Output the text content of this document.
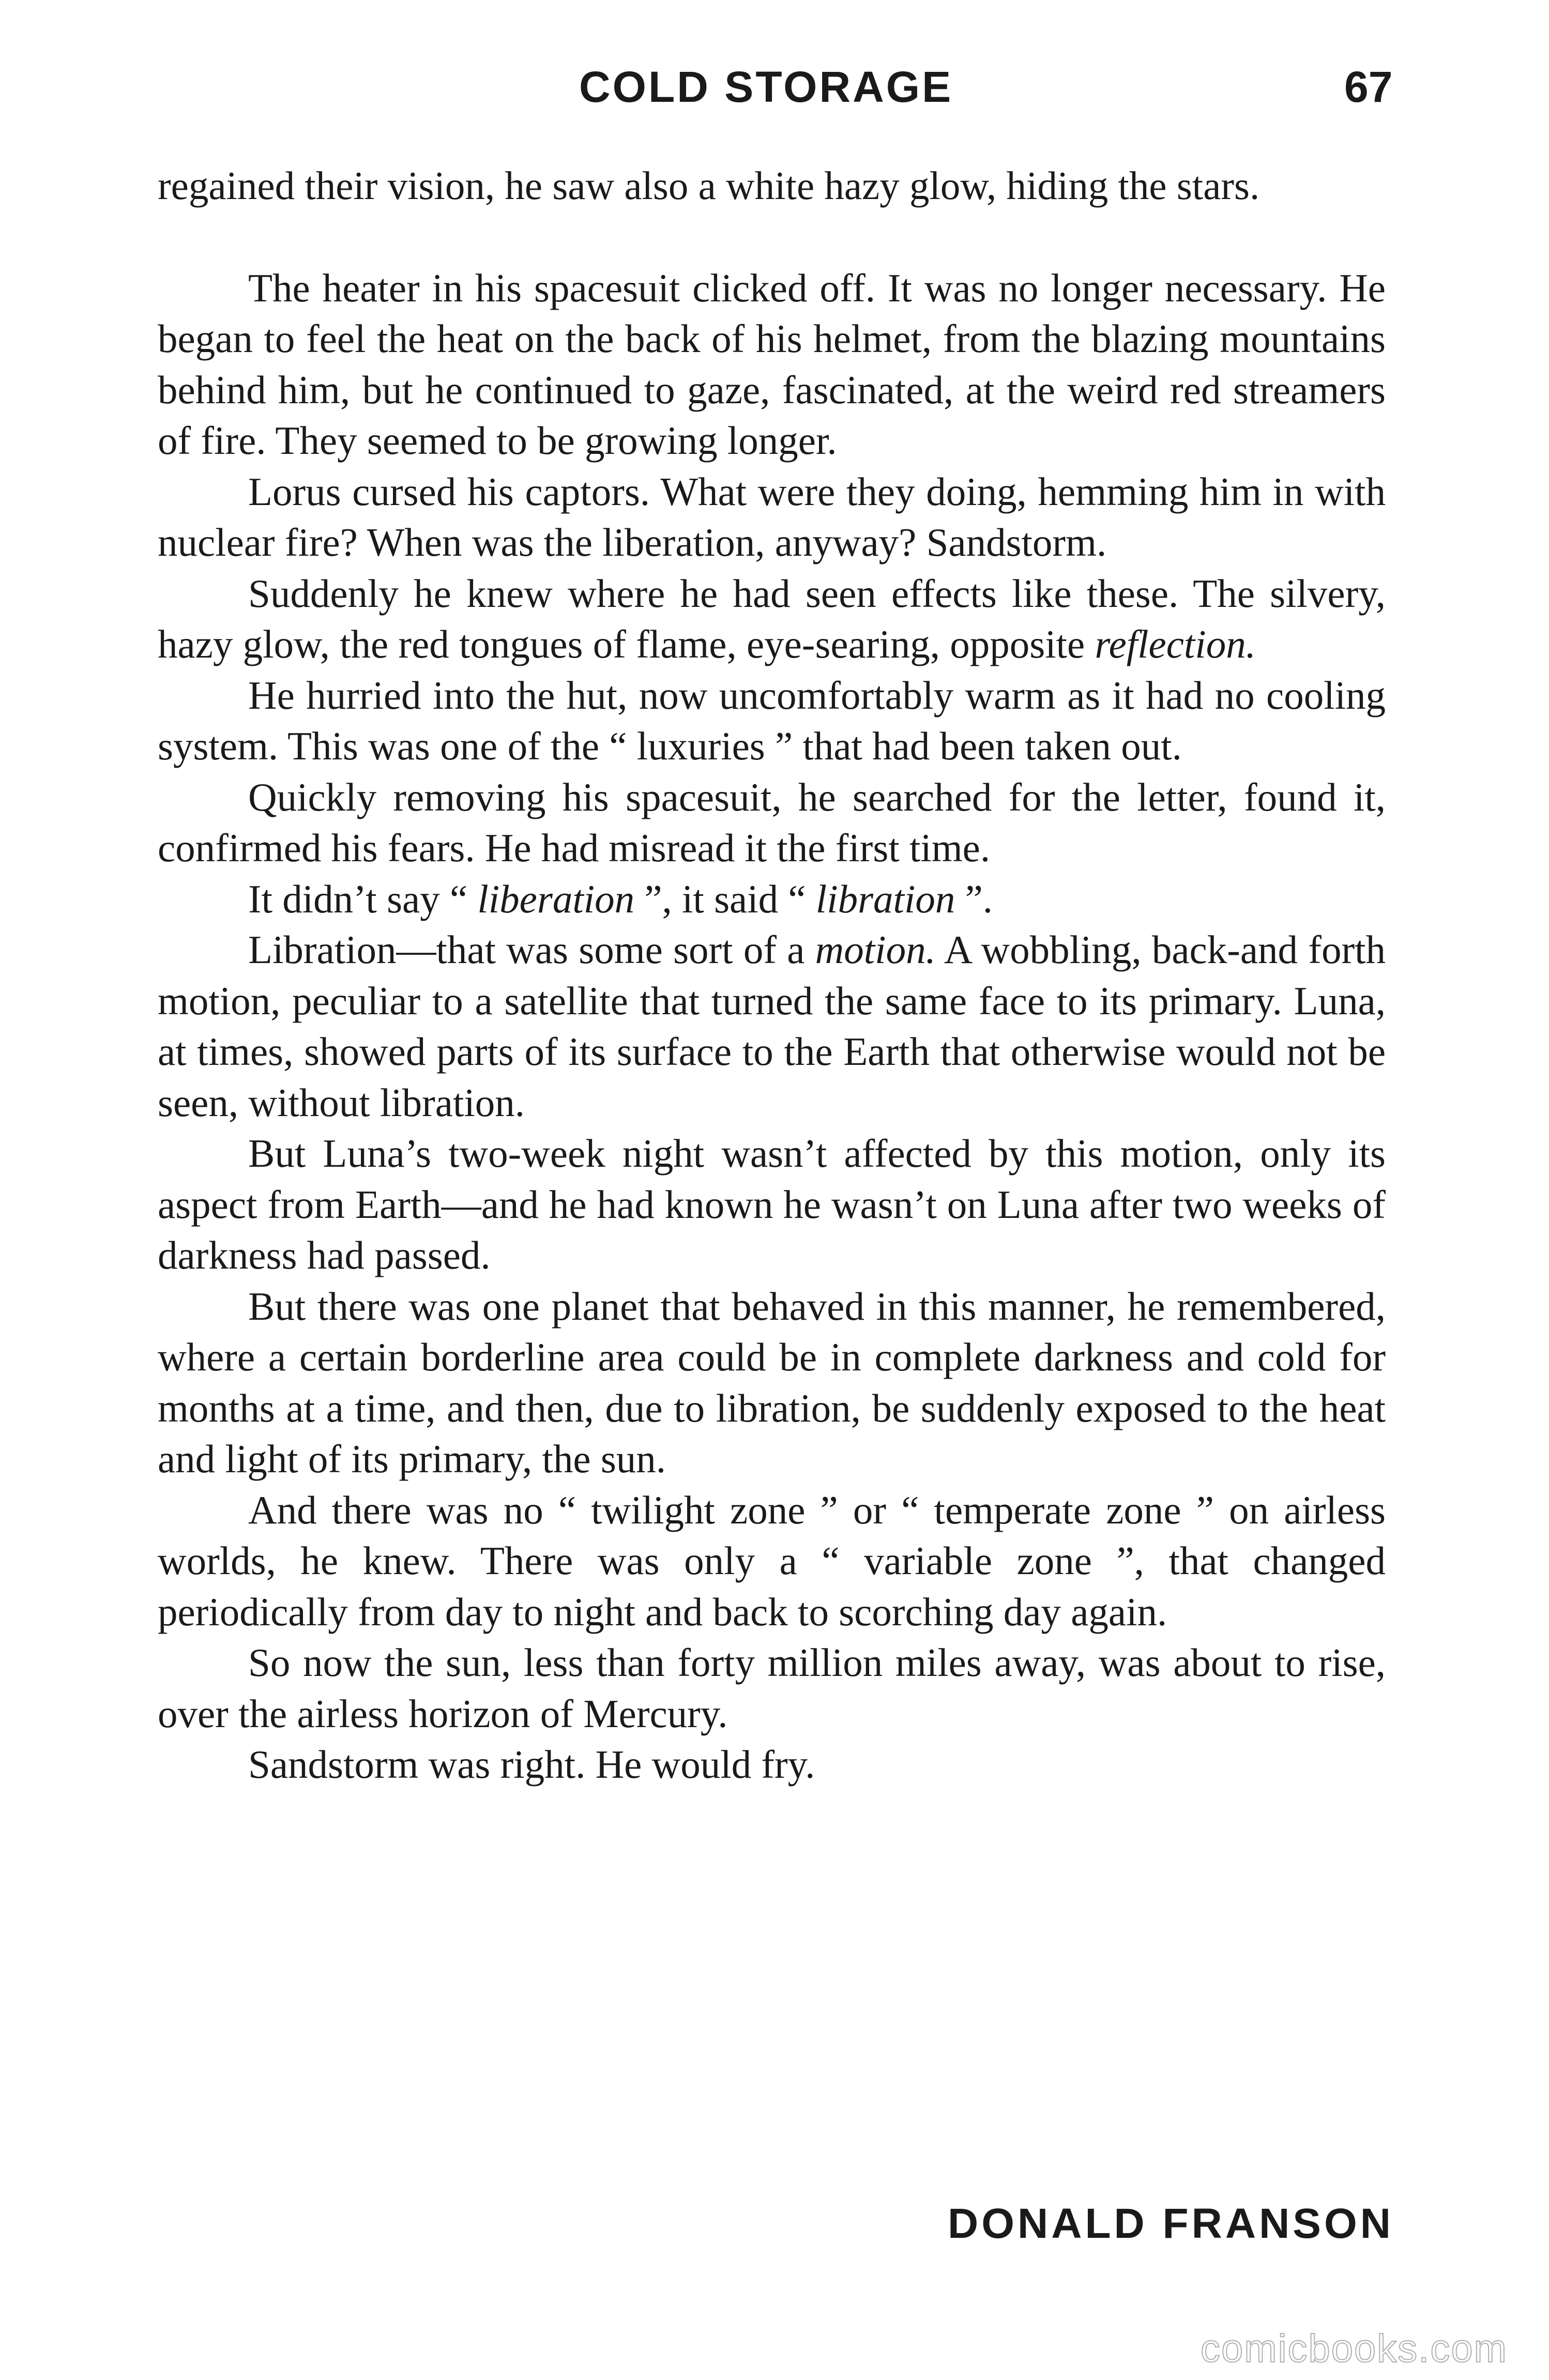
COLD STORAGE	67

regained their vision, he saw also a white hazy glow, hiding the stars.

The heater in his spacesuit clicked off. It was no longer necessary. He began to feel the heat on the back of his helmet, from the blazing mountains behind him, but he continued to gaze, fascinated, at the weird red streamers of fire. They seemed to be growing longer.

Lorus cursed his captors. What were they doing, hemming him in with nuclear fire? When was the liberation, anyway? Sandstorm.

Suddenly he knew where he had seen effects like these. The silvery, hazy glow, the red tongues of flame, eye-searing, opposite reflection.

He hurried into the hut, now uncomfortably warm as it had no cooling system. This was one of the “ luxuries ” that had been taken out.

Quickly removing his spacesuit, he searched for the letter, found it, confirmed his fears. He had misread it the first time.

It didn’t say “ liberation ”, it said “ libration ”.

Libration—that was some sort of a motion. A wobbling, back-and forth motion, peculiar to a satellite that turned the same face to its primary. Luna, at times, showed parts of its surface to the Earth that otherwise would not be seen, without libration.

But Luna’s two-week night wasn’t affected by this motion, only its aspect from Earth—and he had known he wasn’t on Luna after two weeks of darkness had passed.

But there was one planet that behaved in this manner, he remembered, where a certain borderline area could be in complete darkness and cold for months at a time, and then, due to libration, be suddenly exposed to the heat and light of its primary, the sun.

And there was no “ twilight zone ” or “ temperate zone ” on airless worlds, he knew. There was only a “ variable zone ”, that changed periodically from day to night and back to scorching day again.

So now the sun, less than forty million miles away, was about to rise, over the airless horizon of Mercury.

Sandstorm was right. He would fry.

DONALD FRANSON
comicbooks.com
